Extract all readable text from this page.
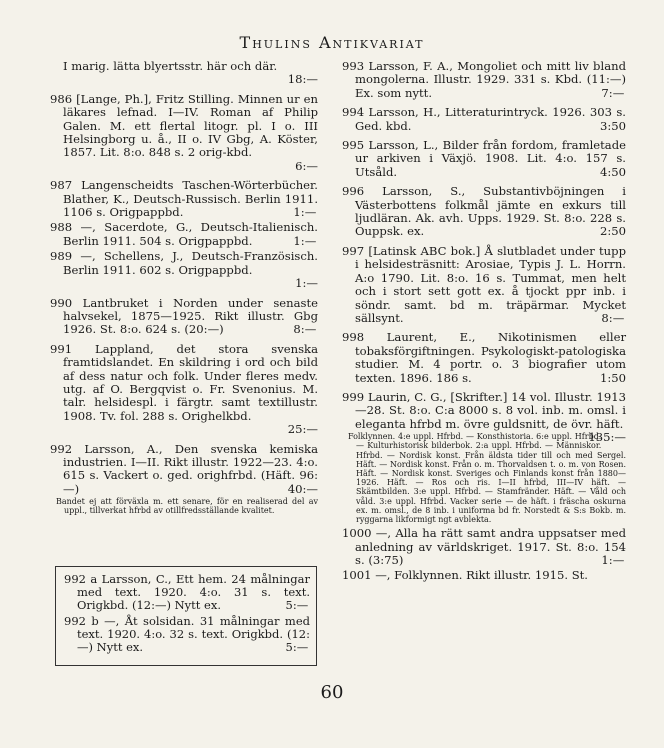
Thulins Antikvariat
I marig. lätta blyertsstr. här och där.
18:—
986 [Lange, Ph.], Fritz Stilling. Minnen ur en läkares lefnad. I—IV. Roman af Philip Galen. M. ett flertal litogr. pl. I o. III Helsingborg u. å., II o. IV Gbg, A. Köster, 1857. Lit. 8:o. 848 s. 2 orig-kbd.
6:—
987 Langenscheidts Taschen-Wörterbücher. Blather, K., Deutsch-Russisch. Berlin 1911. 1106 s. Origpappbd.	1:—
988 —, Sacerdote, G., Deutsch-Italienisch. Berlin 1911. 504 s. Origpappbd.	1:—
989 —, Schellens, J., Deutsch-Französisch. Berlin 1911. 602 s. Origpappbd.
1:—
990 Lantbruket i Norden under senaste halvsekel, 1875—1925. Rikt illustr. Gbg 1926. St. 8:o. 624 s. (20:—)	8:—
991 Lappland, det stora svenska framtidslandet. En skildring i ord och bild af dess natur och folk. Under fleres medv. utg. af O. Bergqvist o. Fr. Svenonius. M. talr. helsidespl. i färgtr. samt textillustr. 1908. Tv. fol. 288 s. Orighelkbd.
25:—
992 Larsson, A., Den svenska kemiska industrien. I—II. Rikt illustr. 1922—23. 4:o. 615 s. Vackert o. ged. orighfrbd. (Häft. 96:—)	40:—
Bandet ej att förväxla m. ett senare, för en realiserad del av uppl., tillverkat hfrbd av otillfredsställande kvalitet.
992 a Larsson, C., Ett hem. 24 målningar med text. 1920. 4:o. 31 s. text. Origkbd. (12:—) Nytt ex.	5:—
992 b —, Åt solsidan. 31 målningar med text. 1920. 4:o. 32 s. text. Origkbd. (12:—) Nytt ex.	5:—
993 Larsson, F. A., Mongoliet och mitt liv bland mongolerna. Illustr. 1929. 331 s. Kbd. (11:—) Ex. som nytt.	7:—
994 Larsson, H., Litteraturintryck. 1926. 303 s. Ged. kbd.	3:50
995 Larsson, L., Bilder från fordom, framletade ur arkiven i Växjö. 1908. Lit. 4:o. 157 s. Utsåld.	4:50
996 Larsson, S., Substantivböjningen i Västerbottens folkmål jämte en exkurs till ljudläran. Ak. avh. Upps. 1929. St. 8:o. 228 s. Ouppsk. ex.	2:50
997 [Latinsk ABC bok.] Å slutbladet under tupp i helsidesträsnitt: Arosiae, Typis J. L. Horrn. A:o 1790. Lit. 8:o. 16 s. Tummat, men helt och i stort sett gott ex. å tjockt ppr inb. i söndr. samt. bd m. träpärmar. Mycket sällsynt.	8:—
998 Laurent, E., Nikotinismen eller tobaksförgiftningen. Psykologiskt-patologiska studier. M. 4 portr. o. 3 biografier utom texten. 1896. 186 s.	1:50
999 Laurin, C. G., [Skrifter.] 14 vol. Illustr. 1913—28. St. 8:o. C:a 8000 s. 8 vol. inb. m. omsl. i eleganta hfrbd m. övre guldsnitt, de övr. häft.
135:—
Folklynnen. 4:e uppl. Hfrbd. — Konsthistoria. 6:e uppl. Hfrbd. — Kulturhistorisk bilderbok. 2:a uppl. Hfrbd. — Människor. Hfrbd. — Nordisk konst. Från äldsta tider till och med Sergel. Häft. — Nordisk konst. Från o. m. Thorvaldsen t. o. m. von Rosen. Häft. — Nordisk konst. Sveriges och Finlands konst från 1880—1926. Häft. — Ros och ris. I—II hfrbd, III—IV häft. — Skämtbilden. 3:e uppl. Hfrbd. — Stamfränder. Häft. — Våld och våld. 3:e uppl. Hfrbd. Vacker serie — de häft. i fräscha oskurna ex. m. omsl., de 8 inb. i uniforma bd fr. Norstedt & S:s Bokb. m. ryggarna likformigt ngt avblekta.
1000 —, Alla ha rätt samt andra uppsatser med anledning av världskriget. 1917. St. 8:o. 154 s. (3:75)	1:—
1001 —, Folklynnen. Rikt illustr. 1915. St.
60
